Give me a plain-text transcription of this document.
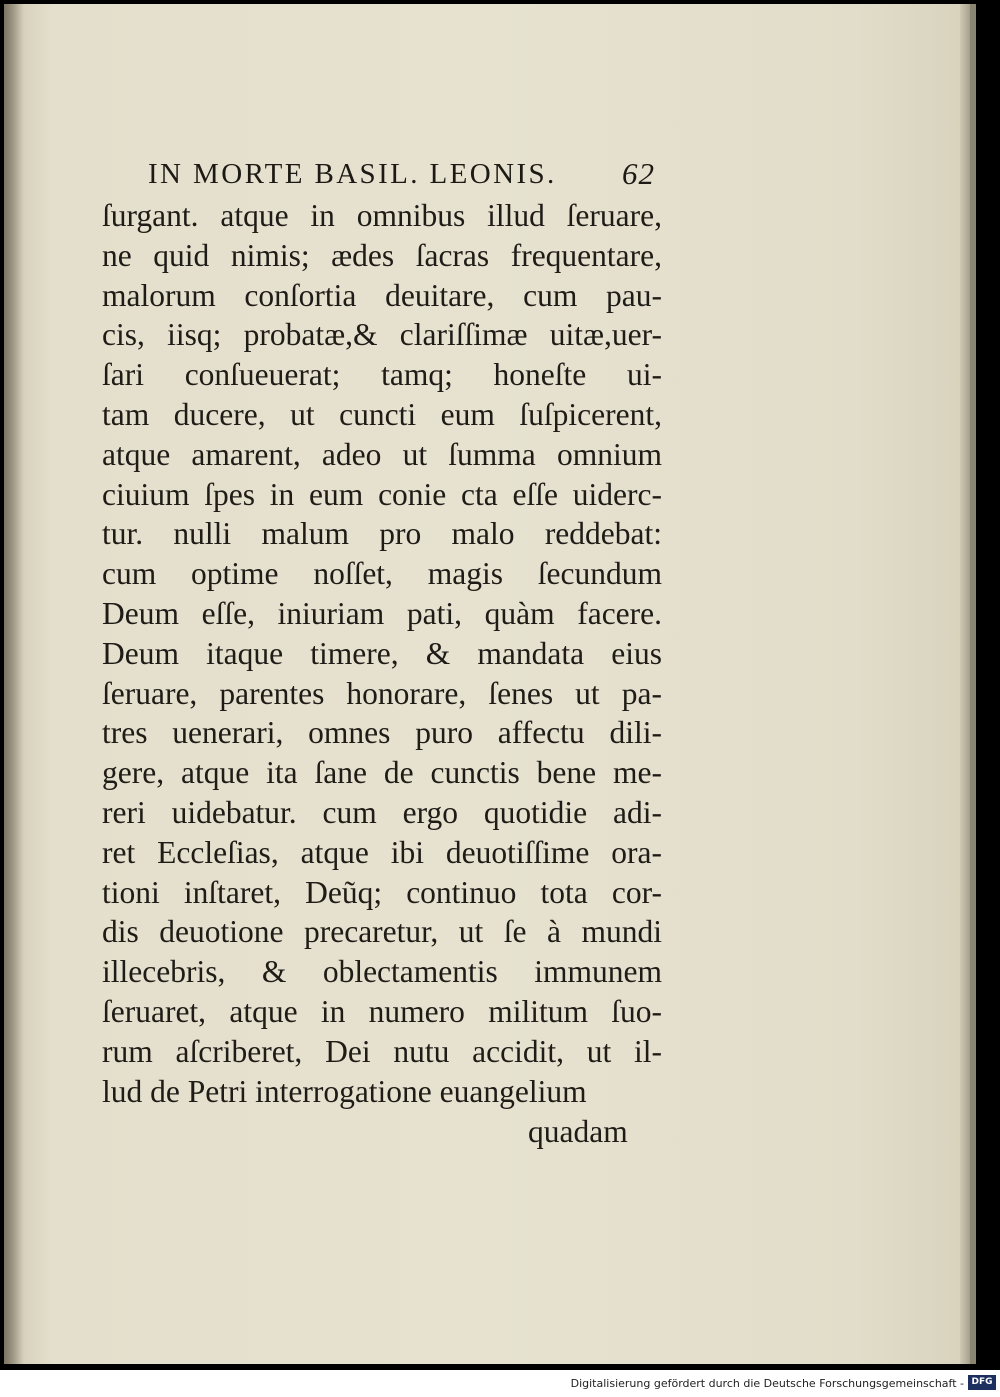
IN MORTE BASIL. LEONIS. 62
ſurgant. atque in omnibus illud ſeruare,
ne quid nimis; ædes ſacras frequentare,
malorum conſortia deuitare, cum pau-
cis, iisq; probatæ,& clariſſimæ uitæ,uer-
ſari conſueuerat; tamq; honeſte ui-
tam ducere, ut cuncti eum ſuſpicerent,
atque amarent, adeo ut ſumma omnium
ciuium ſpes in eum conie cta eſſe uiderc-
tur. nulli malum pro malo reddebat:
cum optime noſſet, magis ſecundum
Deum eſſe, iniuriam pati, quàm facere.
Deum itaque timere, & mandata eius
ſeruare, parentes honorare, ſenes ut pa-
tres uenerari, omnes puro affectu dili-
gere, atque ita ſane de cunctis bene me-
reri uidebatur. cum ergo quotidie adi-
ret Eccleſias, atque ibi deuotiſſime ora-
tioni inſtaret, Deũq; continuo tota cor-
dis deuotione precaretur, ut ſe à mundi
illecebris, & oblectamentis immunem
ſeruaret, atque in numero militum ſuo-
rum aſcriberet, Dei nutu accidit, ut il-
lud de Petri interrogatione euangelium
quadam
Digitalisierung gefördert durch die Deutsche Forschungsgemeinschaft - DFG
